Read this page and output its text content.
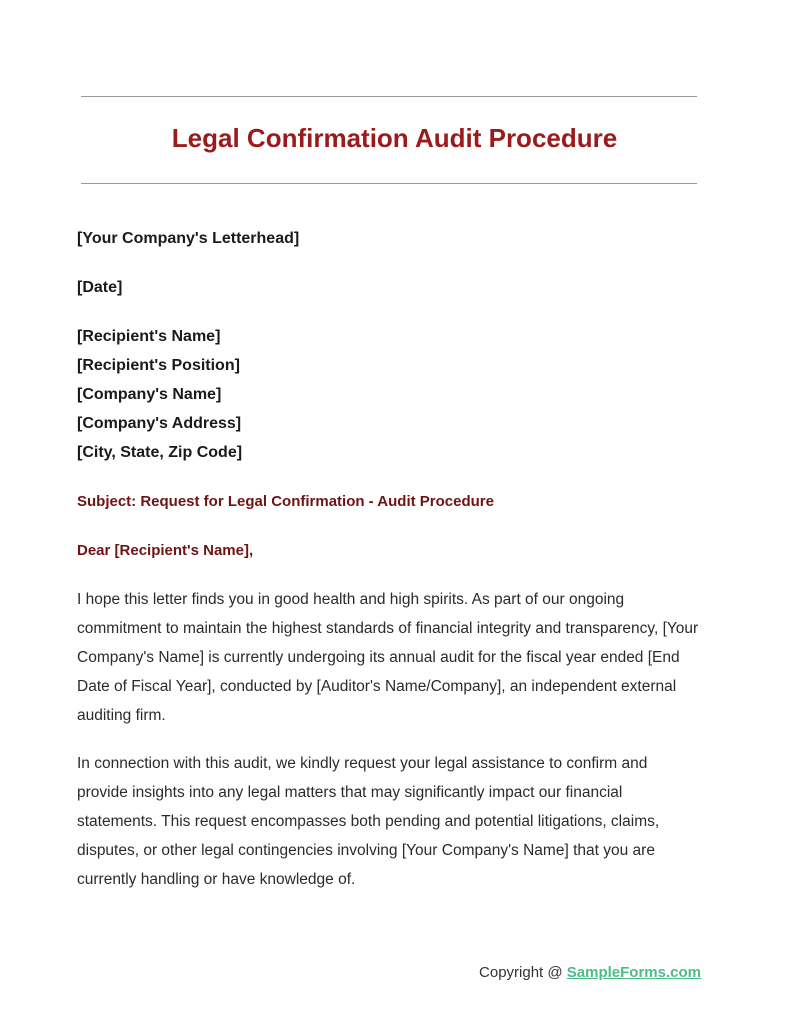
Legal Confirmation Audit Procedure

[Your Company's Letterhead]

[Date]

[Recipient's Name]
[Recipient's Position]
[Company's Name]
[Company's Address]
[City, State, Zip Code]

Subject: Request for Legal Confirmation - Audit Procedure

Dear [Recipient's Name],

I hope this letter finds you in good health and high spirits. As part of our ongoing commitment to maintain the highest standards of financial integrity and transparency, [Your Company's Name] is currently undergoing its annual audit for the fiscal year ended [End Date of Fiscal Year], conducted by [Auditor's Name/Company], an independent external auditing firm.

In connection with this audit, we kindly request your legal assistance to confirm and provide insights into any legal matters that may significantly impact our financial statements. This request encompasses both pending and potential litigations, claims, disputes, or other legal contingencies involving [Your Company's Name] that you are currently handling or have knowledge of.

Copyright @ SampleForms.com
